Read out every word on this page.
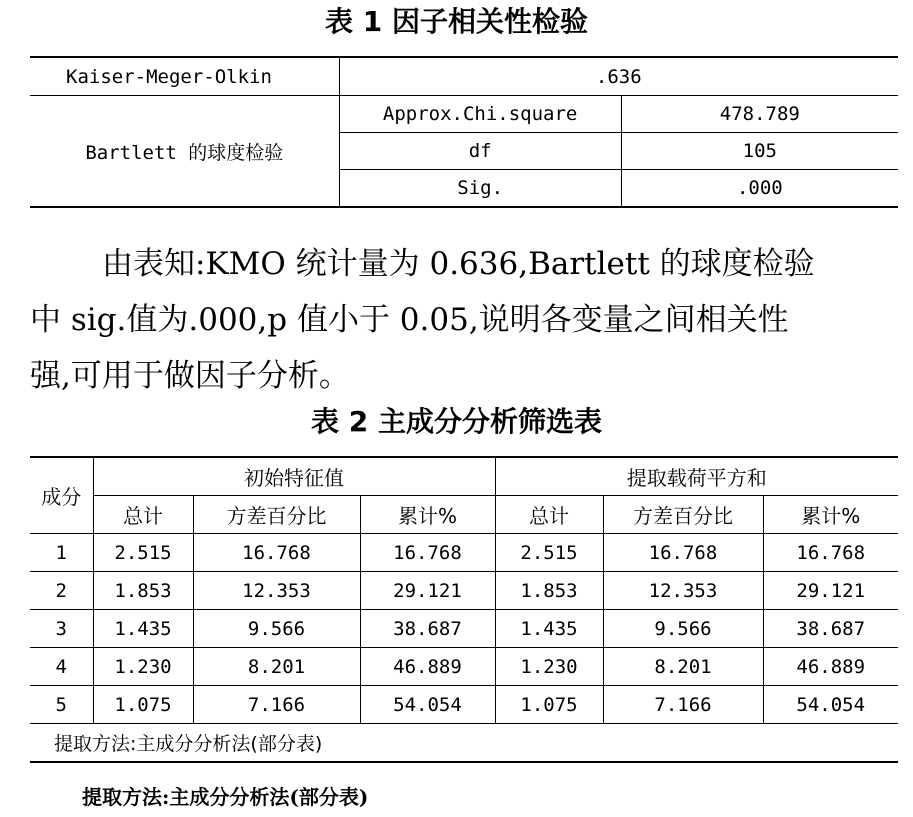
表 1 因子相关性检验
Kaiser-Meger-Olkin	.636	
Bartlett 的球度检验	Approx.Chi.square	478.789
	df	105
	Sig.	.000

由表知:KMO 统计量为 0.636,Bartlett 的球度检验

中 sig.值为.000,p 值小于 0.05,说明各变量之间相关性

强,可用于做因子分析。

表 2 主成分分析筛选表
成分	初始特征值			提取载荷平方和		
	总计	方差百分比	累计%	总计	方差百分比	累计%
1	2.515	16.768	16.768	2.515	16.768	16.768
2	1.853	12.353	29.121	1.853	12.353	29.121
3	1.435	9.566	38.687	1.435	9.566	38.687
4	1.230	8.201	46.889	1.230	8.201	46.889
5	1.075	7.166	54.054	1.075	7.166	54.054
提取方法:主成分分析法(部分表)						

提取方法:主成分分析法(部分表)
